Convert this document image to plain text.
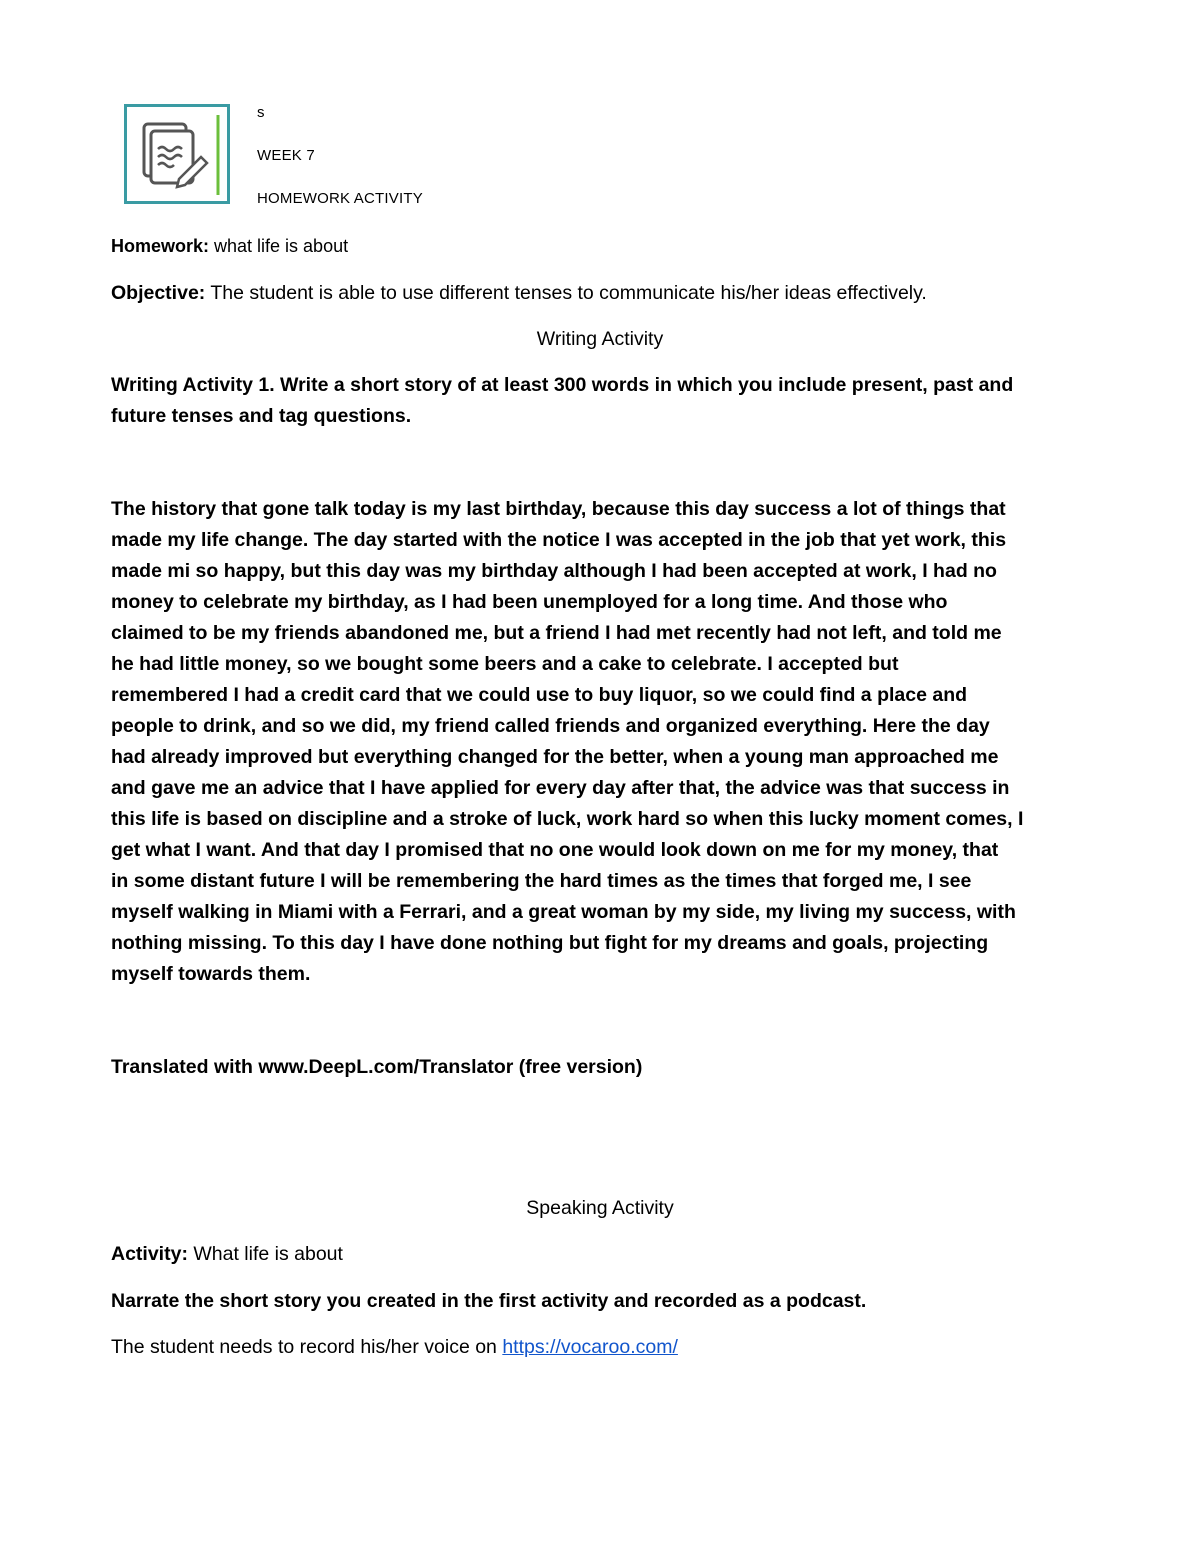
s
WEEK 7
HOMEWORK ACTIVITY
Homework: what life is about
Objective: The student is able to use different tenses to communicate his/her ideas effectively.
Writing Activity
Writing Activity 1. Write a short story of at least 300 words in which you include present, past and
future tenses and tag questions.
The history that gone talk today is my last birthday, because this day success a lot of things that
made my life change. The day started with the notice I was accepted in the job that yet work, this
made mi so happy, but this day was my birthday although I had been accepted at work, I had no
money to celebrate my birthday, as I had been unemployed for a long time. And those who
claimed to be my friends abandoned me, but a friend I had met recently had not left, and told me
he had little money, so we bought some beers and a cake to celebrate. I accepted but
remembered I had a credit card that we could use to buy liquor, so we could find a place and
people to drink, and so we did, my friend called friends and organized everything. Here the day
had already improved but everything changed for the better, when a young man approached me
and gave me an advice that I have applied for every day after that, the advice was that success in
this life is based on discipline and a stroke of luck, work hard so when this lucky moment comes, I
get what I want. And that day I promised that no one would look down on me for my money, that
in some distant future I will be remembering the hard times as the times that forged me, I see
myself walking in Miami with a Ferrari, and a great woman by my side, my living my success, with
nothing missing. To this day I have done nothing but fight for my dreams and goals, projecting
myself towards them.
Translated with www.DeepL.com/Translator (free version)
Speaking Activity
Activity: What life is about
Narrate the short story you created in the first activity and recorded as a podcast.
The student needs to record his/her voice on https://vocaroo.com/
